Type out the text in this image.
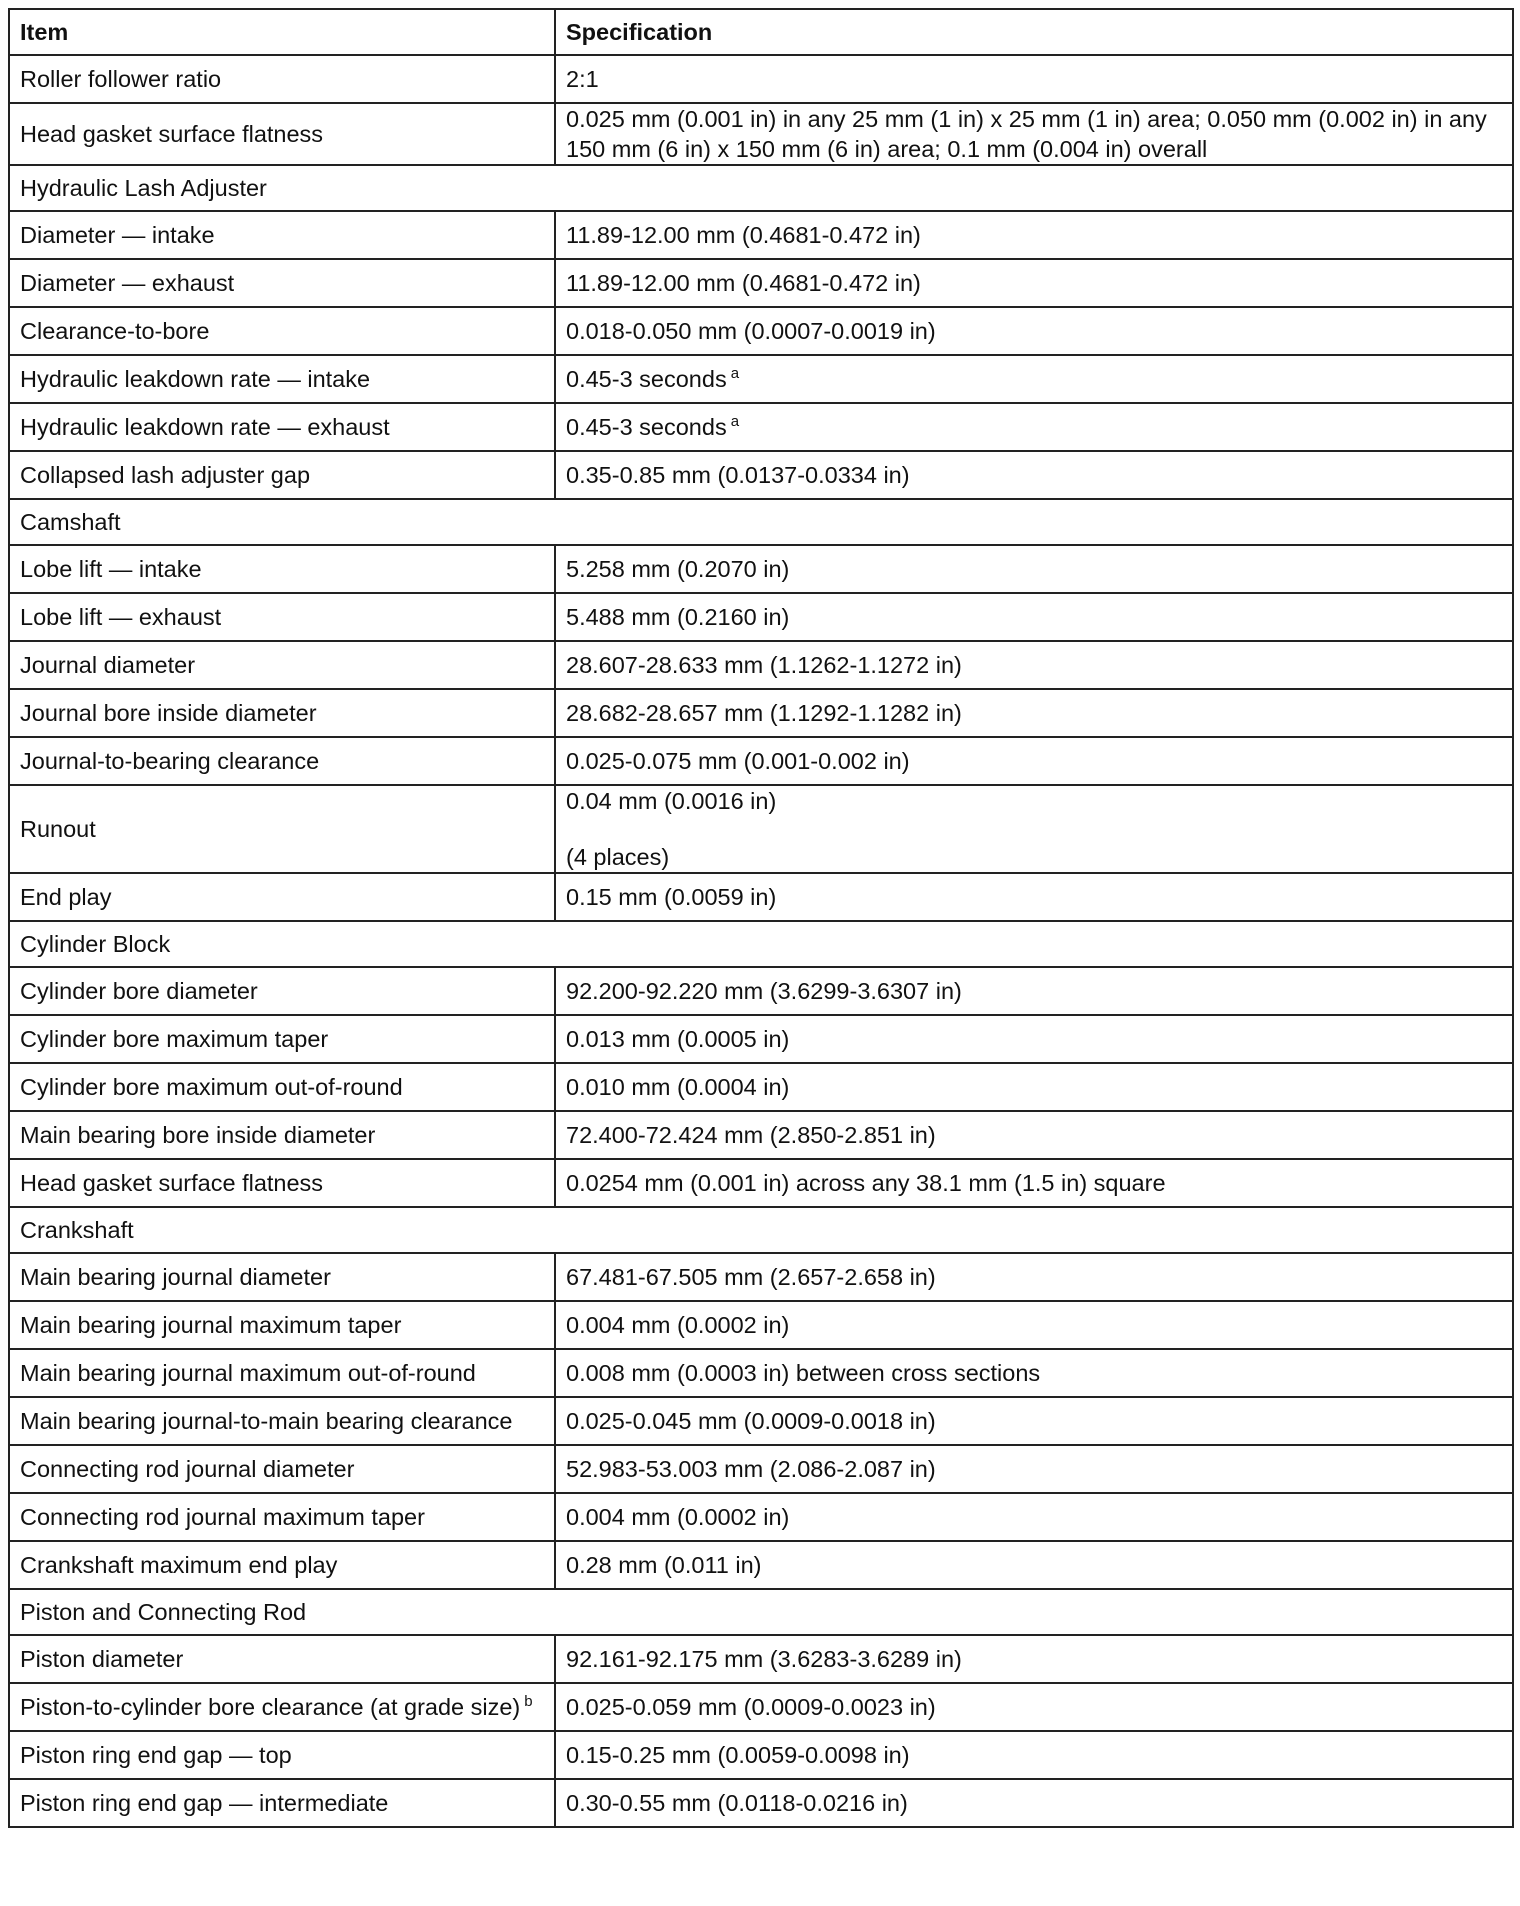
Item	Specification
Roller follower ratio	2:1
Head gasket surface flatness	0.025 mm (0.001 in) in any 25 mm (1 in) x 25 mm (1 in) area; 0.050 mm (0.002 in) in any 150 mm (6 in) x 150 mm (6 in) area; 0.1 mm (0.004 in) overall
Hydraulic Lash Adjuster	
Diameter — intake	11.89-12.00 mm (0.4681-0.472 in)
Diameter — exhaust	11.89-12.00 mm (0.4681-0.472 in)
Clearance-to-bore	0.018-0.050 mm (0.0007-0.0019 in)
Hydraulic leakdown rate — intake	0.45-3 seconds $^a$
Hydraulic leakdown rate — exhaust	0.45-3 seconds $^a$
Collapsed lash adjuster gap	0.35-0.85 mm (0.0137-0.0334 in)
Camshaft	
Lobe lift — intake	5.258 mm (0.2070 in)
Lobe lift — exhaust	5.488 mm (0.2160 in)
Journal diameter	28.607-28.633 mm (1.1262-1.1272 in)
Journal bore inside diameter	28.682-28.657 mm (1.1292-1.1282 in)
Journal-to-bearing clearance	0.025-0.075 mm (0.001-0.002 in)
Runout	0.04 mm (0.0016 in)
(4 places)

End play	0.15 mm (0.0059 in)
Cylinder Block	
Cylinder bore diameter	92.200-92.220 mm (3.6299-3.6307 in)
Cylinder bore maximum taper	0.013 mm (0.0005 in)
Cylinder bore maximum out-of-round	0.010 mm (0.0004 in)
Main bearing bore inside diameter	72.400-72.424 mm (2.850-2.851 in)
Head gasket surface flatness	0.0254 mm (0.001 in) across any 38.1 mm (1.5 in) square
Crankshaft	
Main bearing journal diameter	67.481-67.505 mm (2.657-2.658 in)
Main bearing journal maximum taper	0.004 mm (0.0002 in)
Main bearing journal maximum out-of-round	0.008 mm (0.0003 in) between cross sections
Main bearing journal-to-main bearing clearance	0.025-0.045 mm (0.0009-0.0018 in)
Connecting rod journal diameter	52.983-53.003 mm (2.086-2.087 in)
Connecting rod journal maximum taper	0.004 mm (0.0002 in)
Crankshaft maximum end play	0.28 mm (0.011 in)
Piston and Connecting Rod	
Piston diameter	92.161-92.175 mm (3.6283-3.6289 in)
Piston-to-cylinder bore clearance (at grade size) $^b$	0.025-0.059 mm (0.0009-0.0023 in)
Piston ring end gap — top	0.15-0.25 mm (0.0059-0.0098 in)
Piston ring end gap — intermediate	0.30-0.55 mm (0.0118-0.0216 in)
